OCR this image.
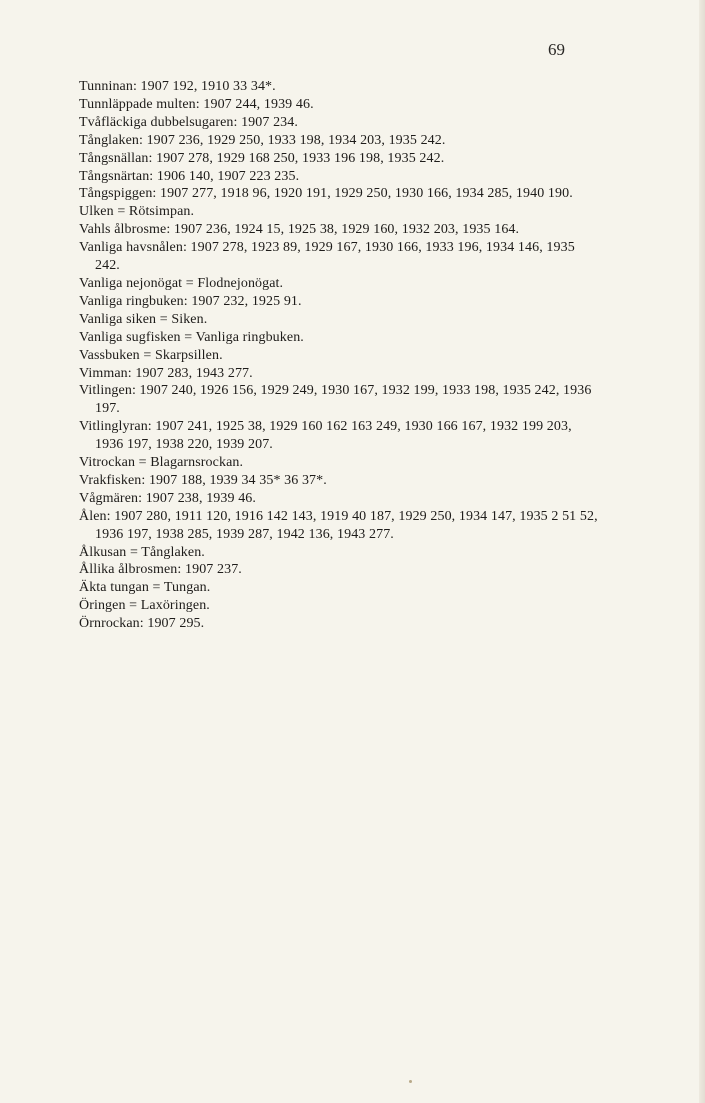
69

Tunninan: 1907 192, 1910 33 34*.

Tunnläppade multen: 1907 244, 1939 46.

Tvåfläckiga dubbelsugaren: 1907 234.

Tånglaken: 1907 236, 1929 250, 1933 198, 1934 203, 1935 242.

Tångsnällan: 1907 278, 1929 168 250, 1933 196 198, 1935 242.

Tångsnärtan: 1906 140, 1907 223 235.

Tångspiggen: 1907 277, 1918 96, 1920 191, 1929 250, 1930 166, 1934 285, 1940 190.

Ulken = Rötsimpan.

Vahls ålbrosme: 1907 236, 1924 15, 1925 38, 1929 160, 1932 203, 1935 164.

Vanliga havsnålen: 1907 278, 1923 89, 1929 167, 1930 166, 1933 196, 1934 146, 1935 242.

Vanliga nejonögat = Flodnejonögat.

Vanliga ringbuken: 1907 232, 1925 91.

Vanliga siken = Siken.

Vanliga sugfisken = Vanliga ringbuken.

Vassbuken = Skarpsillen.

Vimman: 1907 283, 1943 277.

Vitlingen: 1907 240, 1926 156, 1929 249, 1930 167, 1932 199, 1933 198, 1935 242, 1936 197.

Vitlinglyran: 1907 241, 1925 38, 1929 160 162 163 249, 1930 166 167, 1932 199 203, 1936 197, 1938 220, 1939 207.

Vitrockan = Blagarnsrockan.

Vrakfisken: 1907 188, 1939 34 35* 36 37*.

Vågmären: 1907 238, 1939 46.

Ålen: 1907 280, 1911 120, 1916 142 143, 1919 40 187, 1929 250, 1934 147, 1935 2 51 52, 1936 197, 1938 285, 1939 287, 1942 136, 1943 277.

Ålkusan = Tånglaken.

Ållika ålbrosmen: 1907 237.

Äkta tungan = Tungan.

Öringen = Laxöringen.

Örnrockan: 1907 295.
